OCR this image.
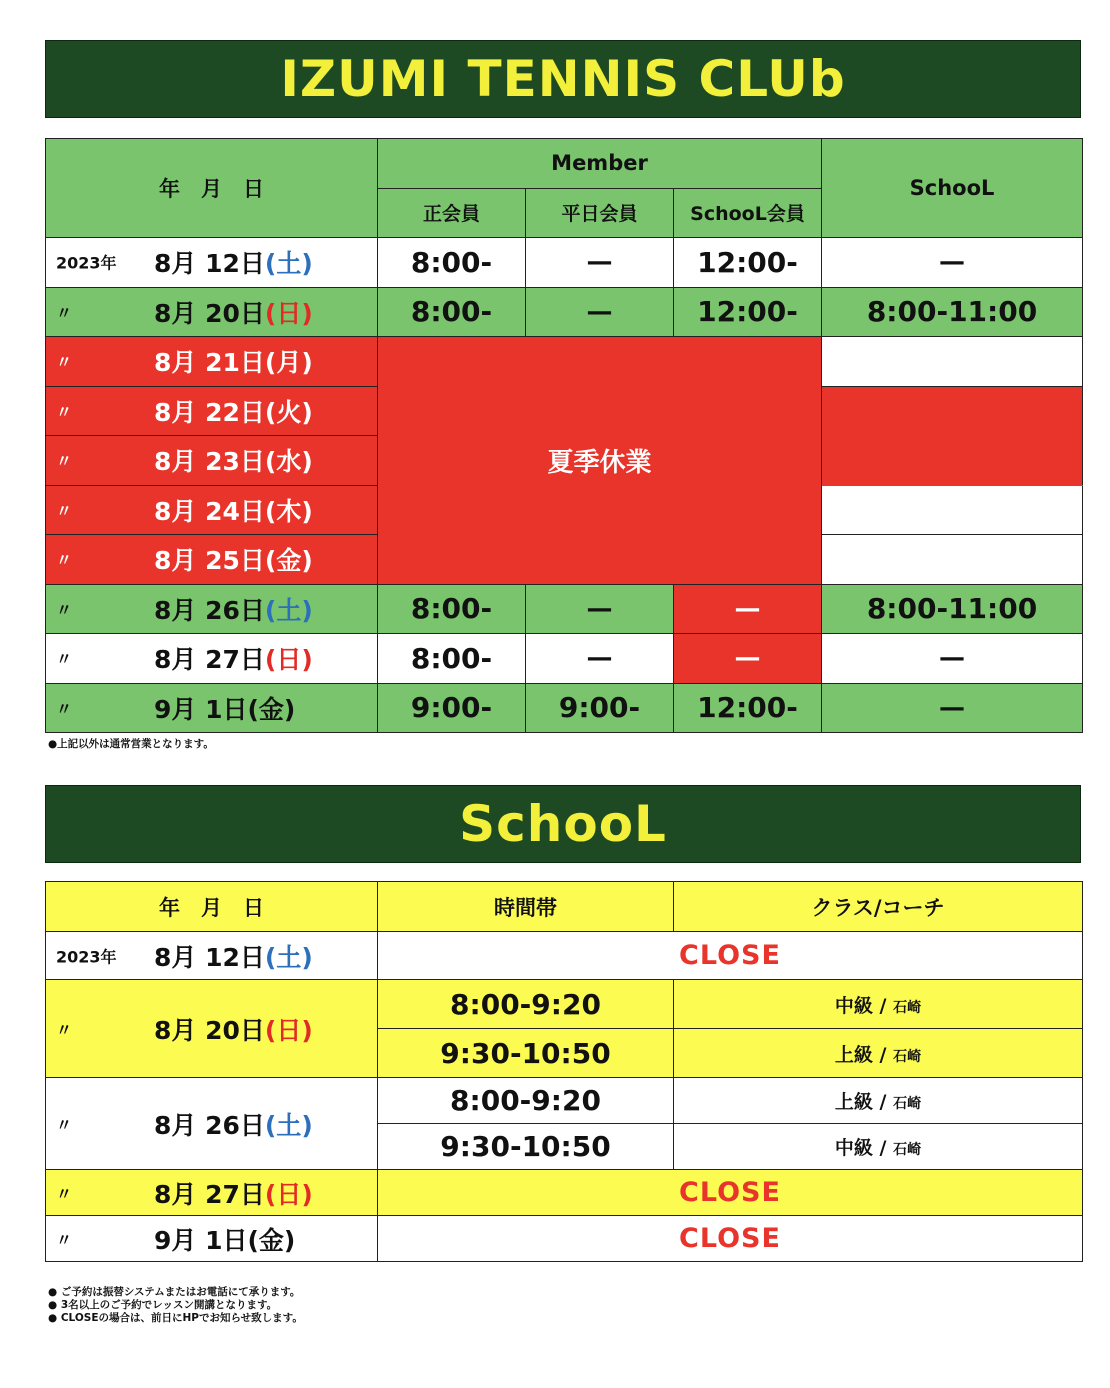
IZUMI TENNIS CLUb
年　月　日	Member			SchooL
	正会員	平日会員	SchooL会員	

2023年 8月 12日(土)	8:00-	—	12:00-	—

〃 8月 20日(日)	8:00-	—	12:00-	8:00-11:00

〃 8月 21日(月)	夏季休業			

〃 8月 22日(火)				

〃 8月 23日(水)				

〃 8月 24日(木)				

〃 8月 25日(金)				

〃 8月 26日(土)	8:00-	—	—	8:00-11:00

〃 8月 27日(日)	8:00-	—	—	—

〃 9月 1日(金)	9:00-	9:00-	12:00-	—
●上記以外は通常営業となります。
SchooL
年　月　日	時間帯	クラス/コーチ

2023年 8月 12日(土)	CLOSE	

〃 8月 20日(日)	8:00-9:20	中級 / 石崎
	9:30-10:50	上級 / 石崎

〃 8月 26日(土)	8:00-9:20	上級 / 石崎
	9:30-10:50	中級 / 石崎

〃 8月 27日(日)	CLOSE	

〃 9月 1日(金)	CLOSE	
● ご予約は振替システムまたはお電話にて承ります。
● 3名以上のご予約でレッスン開講となります。
● CLOSEの場合は、前日にHPでお知らせ致します。
